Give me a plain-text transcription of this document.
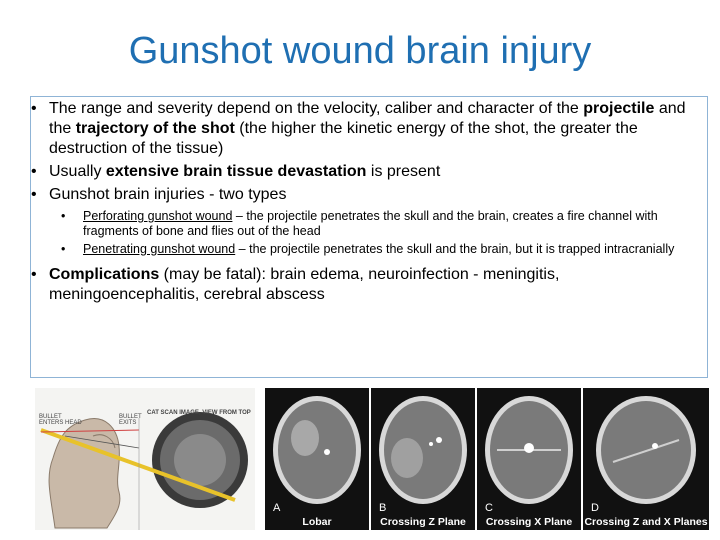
Gunshot wound brain injury
• The range and severity depend on the velocity, caliber and character of the projectile and the trajectory of the shot (the higher the kinetic energy of the shot, the greater the destruction of the tissue)
• Usually extensive brain tissue devastation is present
• Gunshot brain injuries - two types
• Perforating gunshot wound – the projectile penetrates the skull and the brain, creates a fire channel with fragments of bone and flies out of the head
• Penetrating gunshot wound – the projectile penetrates the skull and the brain, but it is trapped intracranially
• Complications (may be fatal): brain edema, neuroinfection - meningitis, meningoencephalitis, cerebral abscess
BULLET ENTERS HEAD
BULLET EXITS
CAT SCAN IMAGE, VIEW FROM TOP
A
Lobar
B
Crossing Z Plane
C
Crossing X Plane
D
Crossing Z and X Planes
